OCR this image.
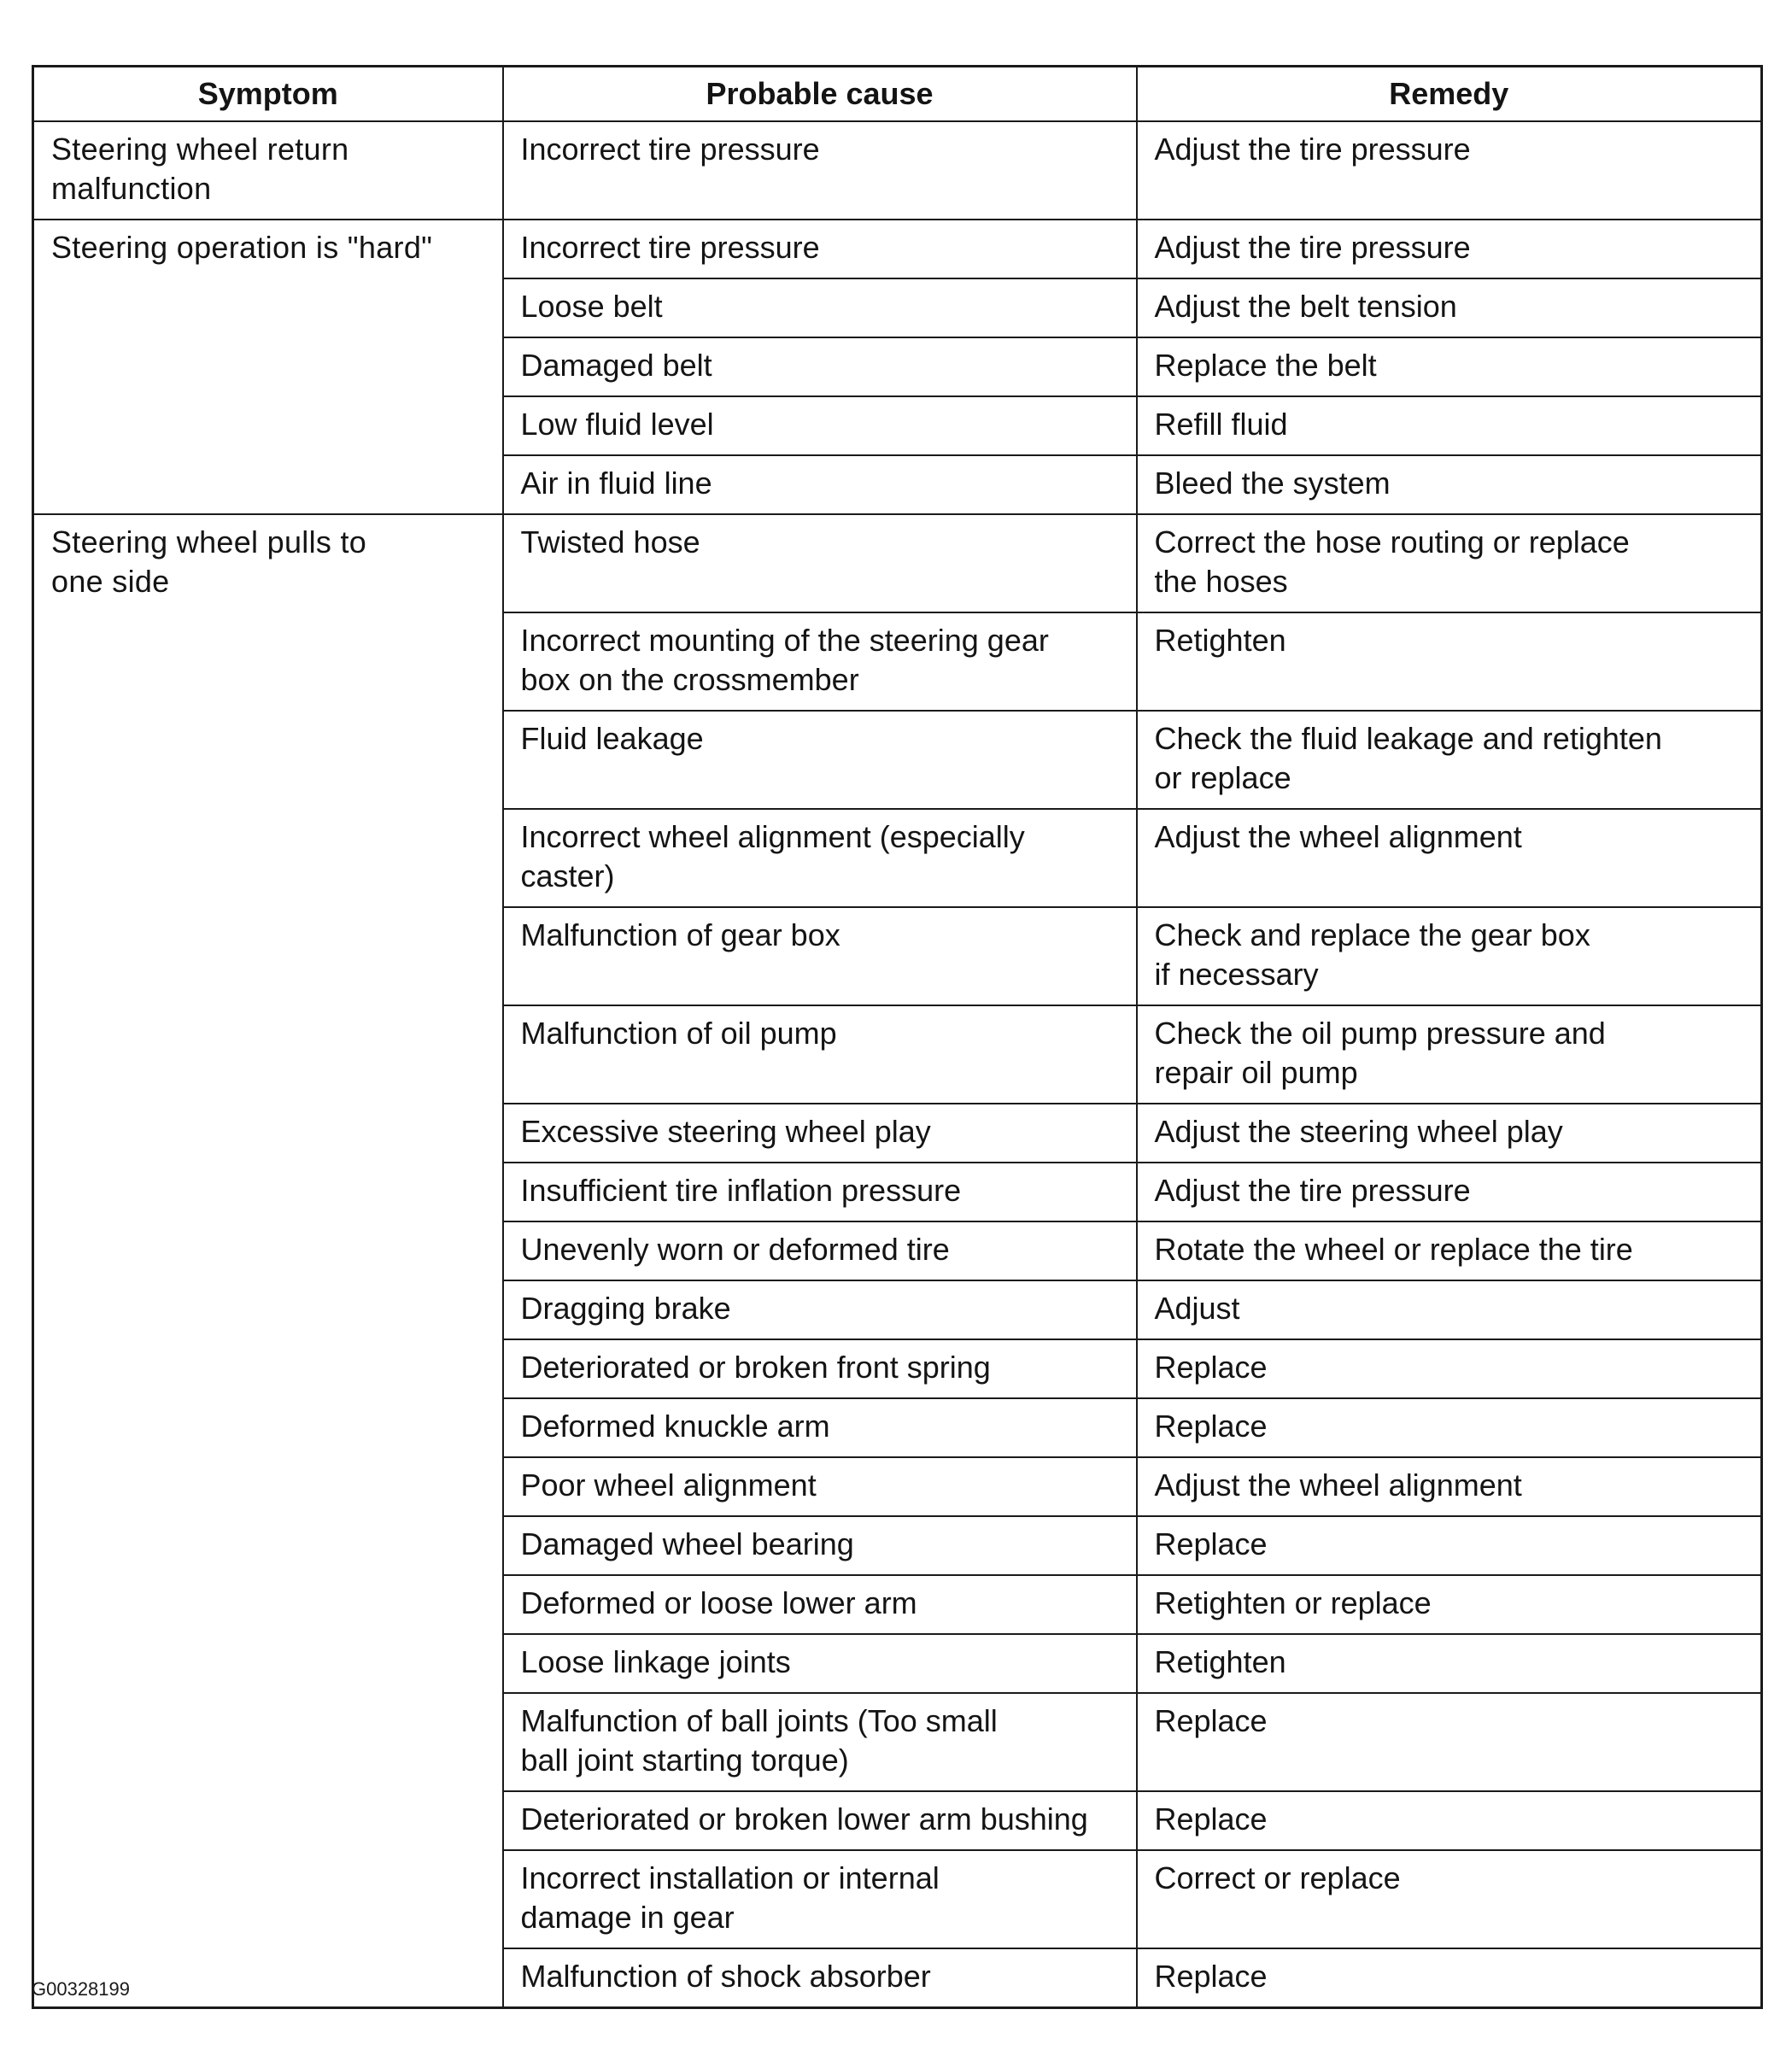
Symptom	Probable cause	Remedy

Steering wheel return
malfunction	Incorrect tire pressure	Adjust the tire pressure

Steering operation is "hard"	Incorrect tire pressure	Adjust the tire pressure

	Loose belt	Adjust the belt tension

	Damaged belt	Replace the belt

	Low fluid level	Refill fluid

	Air in fluid line	Bleed the system

Steering wheel pulls to
one side	Twisted hose	Correct the hose routing or replace
the hoses

	Incorrect mounting of the steering gear
box on the crossmember	Retighten

	Fluid leakage	Check the fluid leakage and retighten
or replace

	Incorrect wheel alignment (especially
caster)	Adjust the wheel alignment

	Malfunction of gear box	Check and replace the gear box
if necessary

	Malfunction of oil pump	Check the oil pump pressure and
repair oil pump

	Excessive steering wheel play	Adjust the steering wheel play

	Insufficient tire inflation pressure	Adjust the tire pressure

	Unevenly worn or deformed tire	Rotate the wheel or replace the tire

	Dragging brake	Adjust

	Deteriorated or broken front spring	Replace

	Deformed knuckle arm	Replace

	Poor wheel alignment	Adjust the wheel alignment

	Damaged wheel bearing	Replace

	Deformed or loose lower arm	Retighten or replace

	Loose linkage joints	Retighten

	Malfunction of ball joints (Too small
ball joint starting torque)	Replace

	Deteriorated or broken lower arm bushing	Replace

	Incorrect installation or internal
damage in gear	Correct or replace

	Malfunction of shock absorber	Replace
G00328199
